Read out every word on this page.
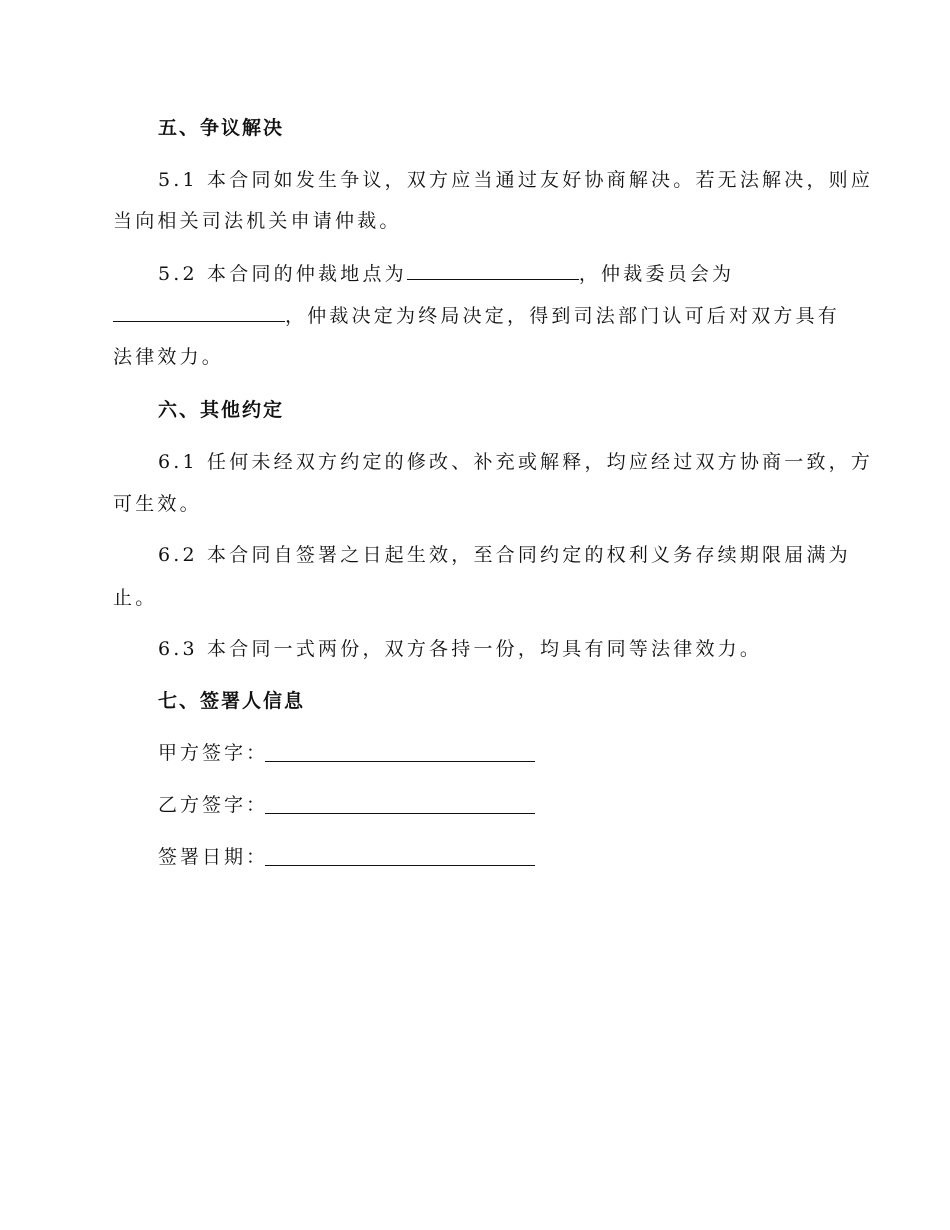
五、争议解决
5.1 本合同如发生争议，双方应当通过友好协商解决。若无法解决，则应
当向相关司法机关申请仲裁。
5.2 本合同的仲裁地点为	，仲裁委员会为
，仲裁决定为终局决定，得到司法部门认可后对双方具有
法律效力。
六、其他约定
6.1 任何未经双方约定的修改、补充或解释，均应经过双方协商一致，方
可生效。
6.2 本合同自签署之日起生效，至合同约定的权利义务存续期限届满为
止。
6.3 本合同一式两份，双方各持一份，均具有同等法律效力。
七、签署人信息
甲方签字：
乙方签字：
签署日期：
